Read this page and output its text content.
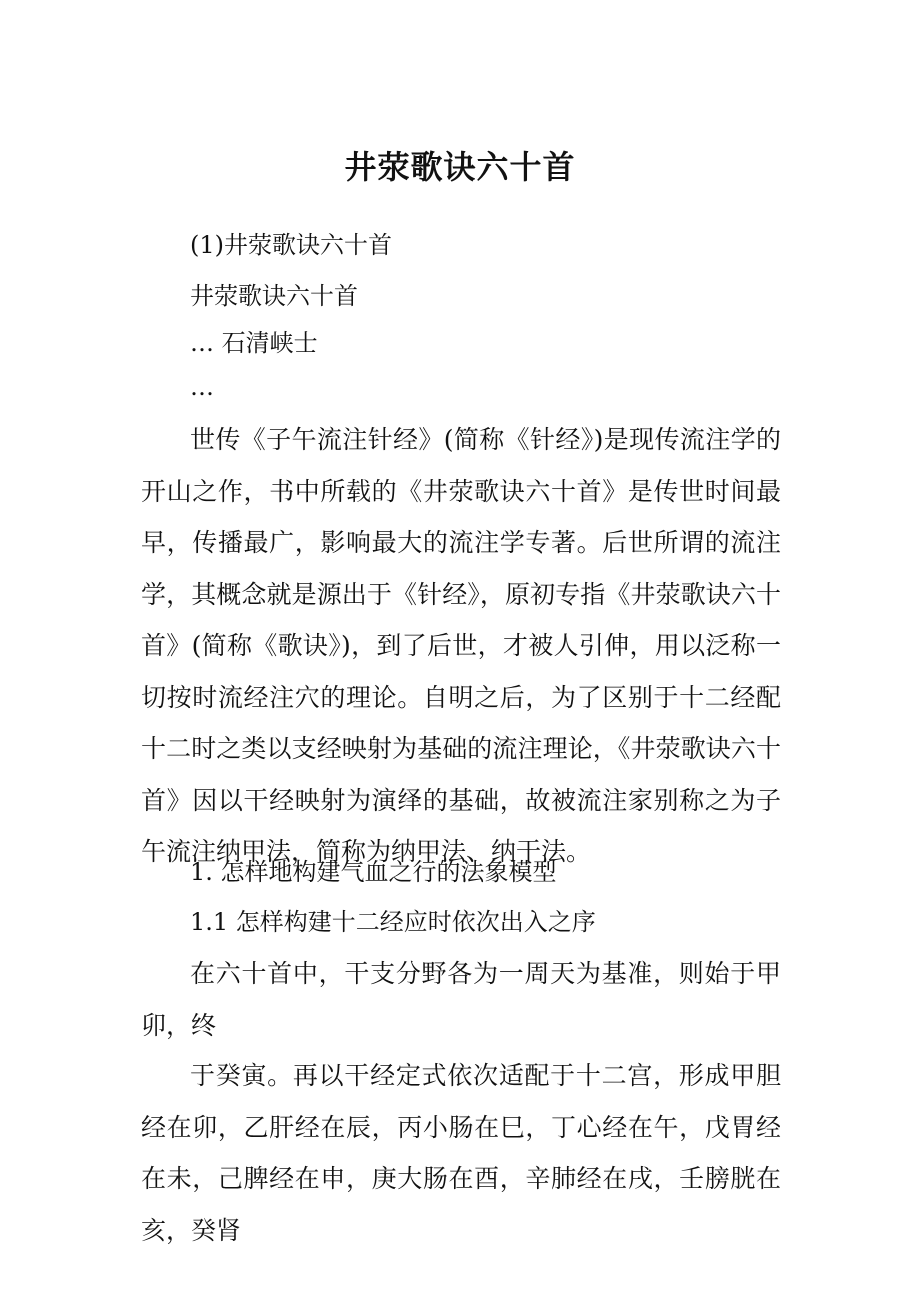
井荥歌诀六十首
(1)井荥歌诀六十首
井荥歌诀六十首
… 石清峡士
…
世传《子午流注针经》(简称《针经》)是现传流注学的开山之作，书中所载的《井荥歌诀六十首》是传世时间最早，传播最广，影响最大的流注学专著。后世所谓的流注学，其概念就是源出于《针经》，原初专指《井荥歌诀六十首》(简称《歌诀》)，到了后世，才被人引伸，用以泛称一切按时流经注穴的理论。自明之后，为了区别于十二经配十二时之类以支经映射为基础的流注理论，《井荥歌诀六十首》因以干经映射为演绎的基础，故被流注家别称之为子午流注纳甲法，简称为纳甲法、纳干法。
1. 怎样地构建气血之行的法象模型
1.1 怎样构建十二经应时依次出入之序
在六十首中，干支分野各为一周天为基准，则始于甲卯，终
于癸寅。再以干经定式依次适配于十二宫，形成甲胆经在卯，乙肝经在辰，丙小肠在巳，丁心经在午，戊胃经在未，己脾经在申，庚大肠在酉，辛肺经在戌，壬膀胱在亥，癸肾
